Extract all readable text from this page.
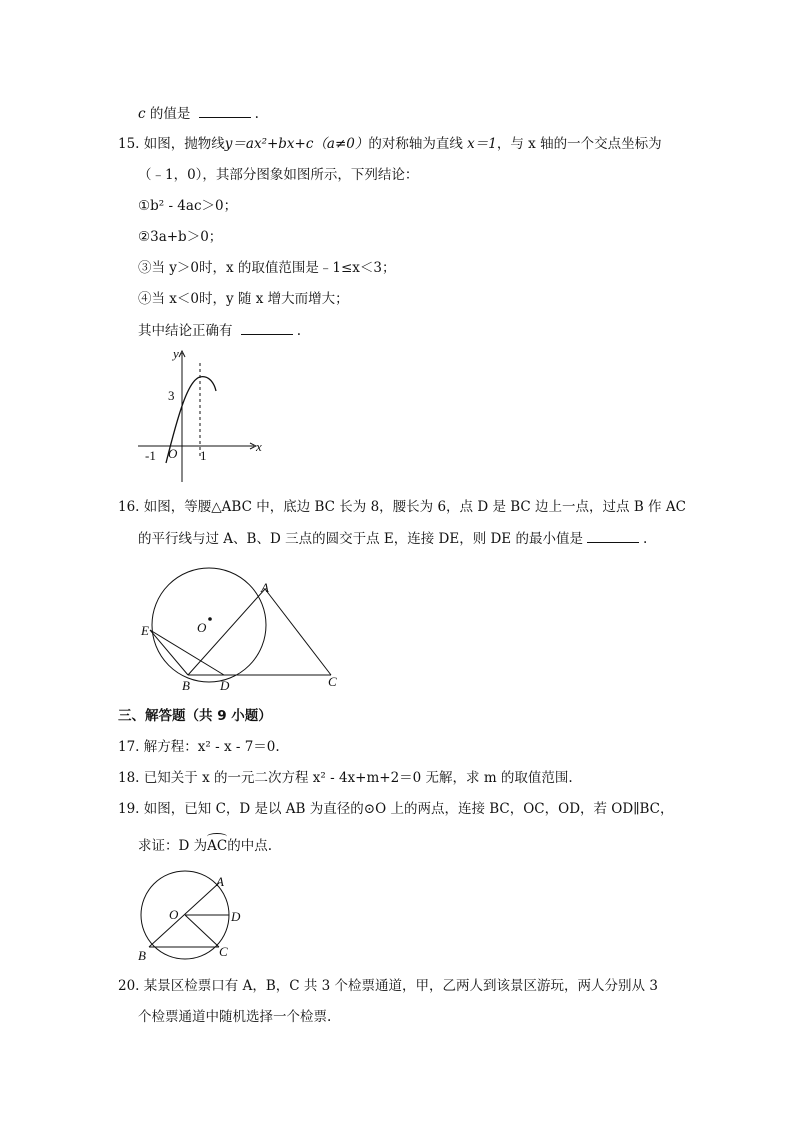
c 的值是	.
15. 如图，抛物线y＝ax²+bx+c（a≠0）的对称轴为直线 x＝1，与 x 轴的一个交点坐标为
（﹣1，0），其部分图象如图所示，下列结论：
①b² - 4ac＞0；
②3a+b＞0；
③当 y＞0时，x 的取值范围是﹣1≤x＜3；
④当 x＜0时，y 随 x 增大而增大；
其中结论正确有	.
y
x
3
-1 O 1
16. 如图，等腰△ABC 中，底边 BC 长为 8，腰长为 6，点 D 是 BC 边上一点，过点 B 作 AC
的平行线与过 A、B、D 三点的圆交于点 E，连接 DE，则 DE 的最小值是	.
A
E	O
B D	C
三、解答题（共 9 小题）
17. 解方程：x² - x - 7＝0.
18. 已知关于 x 的一元二次方程 x² - 4x+m+2＝0 无解，求 m 的取值范围.
19. 如图，已知 C，D 是以 AB 为直径的⊙O 上的两点，连接 BC，OC，OD，若 OD∥BC，
求证：D 为AC的中点.
A
O	D
B	C
20. 某景区检票口有 A，B，C 共 3 个检票通道，甲，乙两人到该景区游玩，两人分别从 3
个检票通道中随机选择一个检票.
